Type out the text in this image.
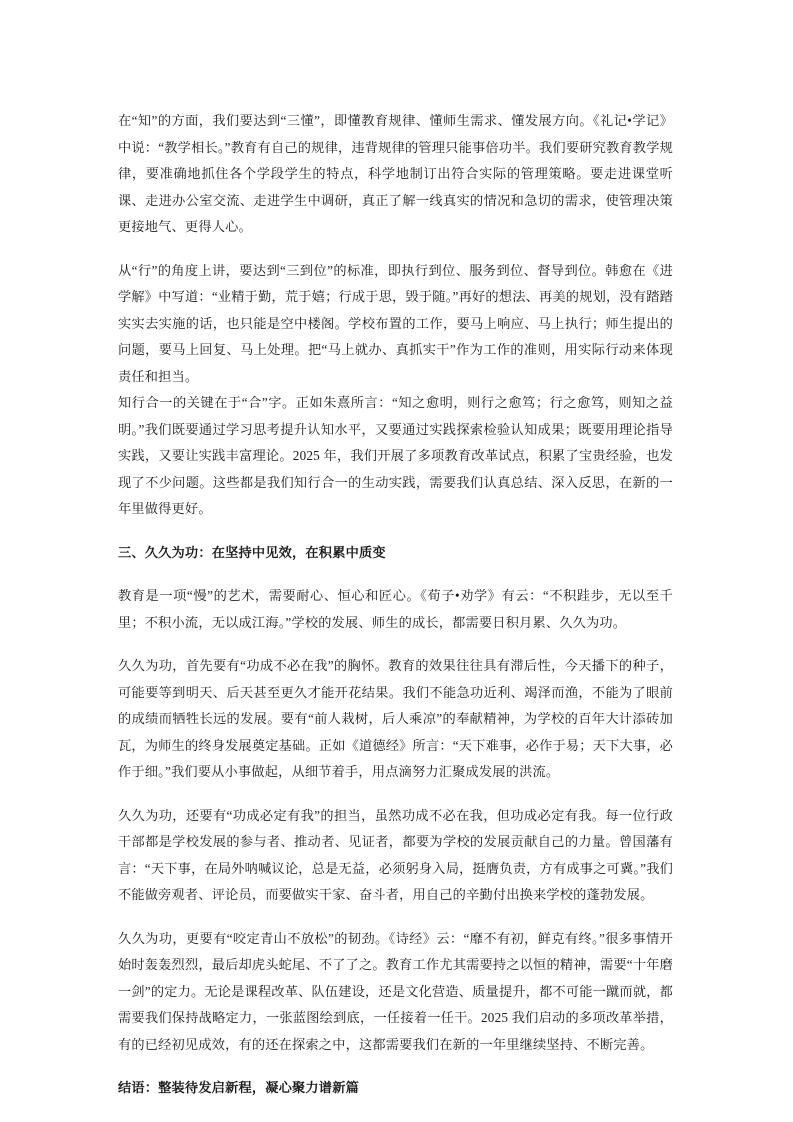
在“知”的方面，我们要达到“三懂”，即懂教育规律、懂师生需求、懂发展方向。《礼记•学记》中说：“教学相长。”教育有自己的规律，违背规律的管理只能事倍功半。我们要研究教育教学规律，要准确地抓住各个学段学生的特点，科学地制订出符合实际的管理策略。要走进课堂听课、走进办公室交流、走进学生中调研，真正了解一线真实的情况和急切的需求，使管理决策更接地气、更得人心。

从“行”的角度上讲，要达到“三到位”的标准，即执行到位、服务到位、督导到位。韩愈在《进学解》中写道：“业精于勤，荒于嬉；行成于思，毁于随。”再好的想法、再美的规划，没有踏踏实实去实施的话，也只能是空中楼阁。学校布置的工作，要马上响应、马上执行；师生提出的问题，要马上回复、马上处理。把“马上就办、真抓实干”作为工作的准则，用实际行动来体现责任和担当。

知行合一的关键在于“合”字。正如朱熹所言：“知之愈明，则行之愈笃；行之愈笃，则知之益明。”我们既要通过学习思考提升认知水平，又要通过实践探索检验认知成果；既要用理论指导实践，又要让实践丰富理论。2025 年，我们开展了多项教育改革试点，积累了宝贵经验，也发现了不少问题。这些都是我们知行合一的生动实践，需要我们认真总结、深入反思，在新的一年里做得更好。

三、久久为功：在坚持中见效，在积累中质变

教育是一项“慢”的艺术，需要耐心、恒心和匠心。《荀子•劝学》有云：“不积跬步，无以至千里；不积小流，无以成江海。”学校的发展、师生的成长，都需要日积月累、久久为功。

久久为功，首先要有“功成不必在我”的胸怀。教育的效果往往具有滞后性，今天播下的种子，可能要等到明天、后天甚至更久才能开花结果。我们不能急功近利、竭泽而渔，不能为了眼前的成绩而牺牲长远的发展。要有“前人栽树，后人乘凉”的奉献精神，为学校的百年大计添砖加瓦，为师生的终身发展奠定基础。正如《道德经》所言：“天下难事，必作于易；天下大事，必作于细。”我们要从小事做起，从细节着手，用点滴努力汇聚成发展的洪流。

久久为功，还要有“功成必定有我”的担当，虽然功成不必在我，但功成必定有我。每一位行政干部都是学校发展的参与者、推动者、见证者，都要为学校的发展贡献自己的力量。曾国藩有言：“天下事，在局外呐喊议论，总是无益，必须躬身入局，挺膺负责，方有成事之可冀。”我们不能做旁观者、评论员，而要做实干家、奋斗者，用自己的辛勤付出换来学校的蓬勃发展。

久久为功，更要有“咬定青山不放松”的韧劲。《诗经》云：“靡不有初，鲜克有终。”很多事情开始时轰轰烈烈，最后却虎头蛇尾、不了了之。教育工作尤其需要持之以恒的精神，需要“十年磨一剑”的定力。无论是课程改革、队伍建设，还是文化营造、质量提升，都不可能一蹴而就，都需要我们保持战略定力，一张蓝图绘到底，一任接着一任干。2025 我们启动的多项改革举措，有的已经初见成效，有的还在探索之中，这都需要我们在新的一年里继续坚持、不断完善。

结语：整装待发启新程，凝心聚力谱新篇
